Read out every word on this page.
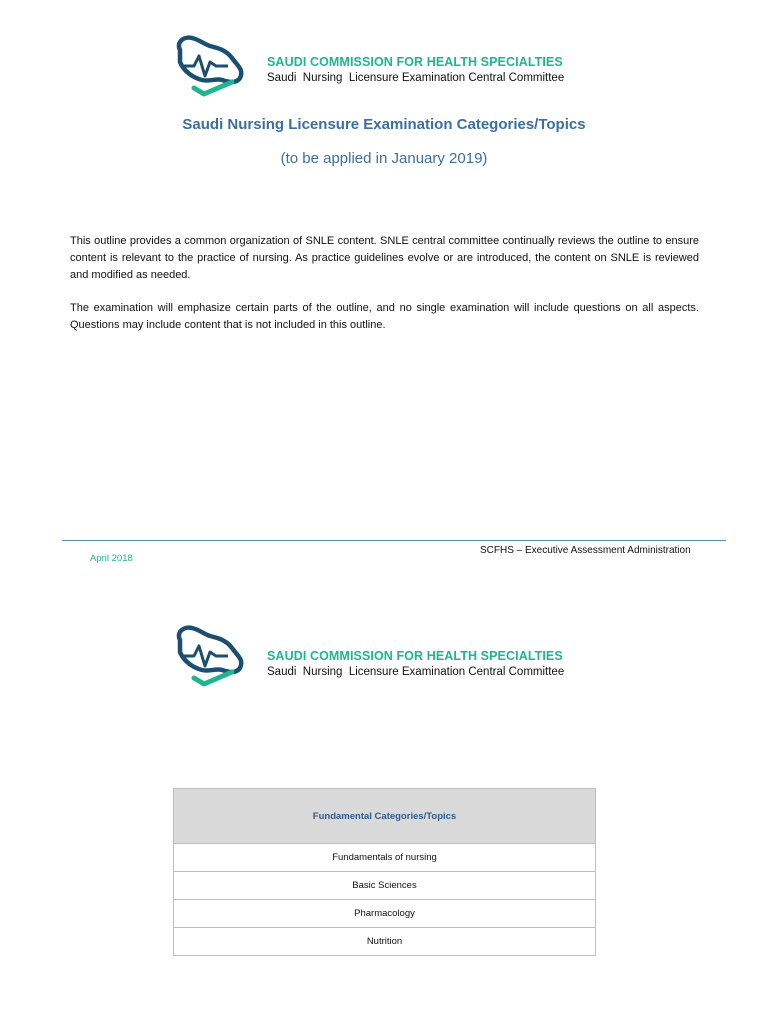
SAUDI COMMISSION FOR HEALTH SPECIALTIES
Saudi  Nursing  Licensure Examination Central Committee
Saudi Nursing Licensure Examination Categories/Topics
(to be applied in January 2019)
This outline provides a common organization of SNLE content. SNLE central committee continually reviews the outline to ensure content is relevant to the practice of nursing. As practice guidelines evolve or are introduced, the content on SNLE is reviewed and modified as needed.
The examination will emphasize certain parts of the outline, and no single examination will include questions on all aspects. Questions may include content that is not included in this outline.
SCFHS – Executive Assessment Administration
April 2018
SAUDI COMMISSION FOR HEALTH SPECIALTIES
Saudi  Nursing  Licensure Examination Central Committee
Fundamental Categories/Topics
Fundamentals of nursing
Basic Sciences
Pharmacology
Nutrition
